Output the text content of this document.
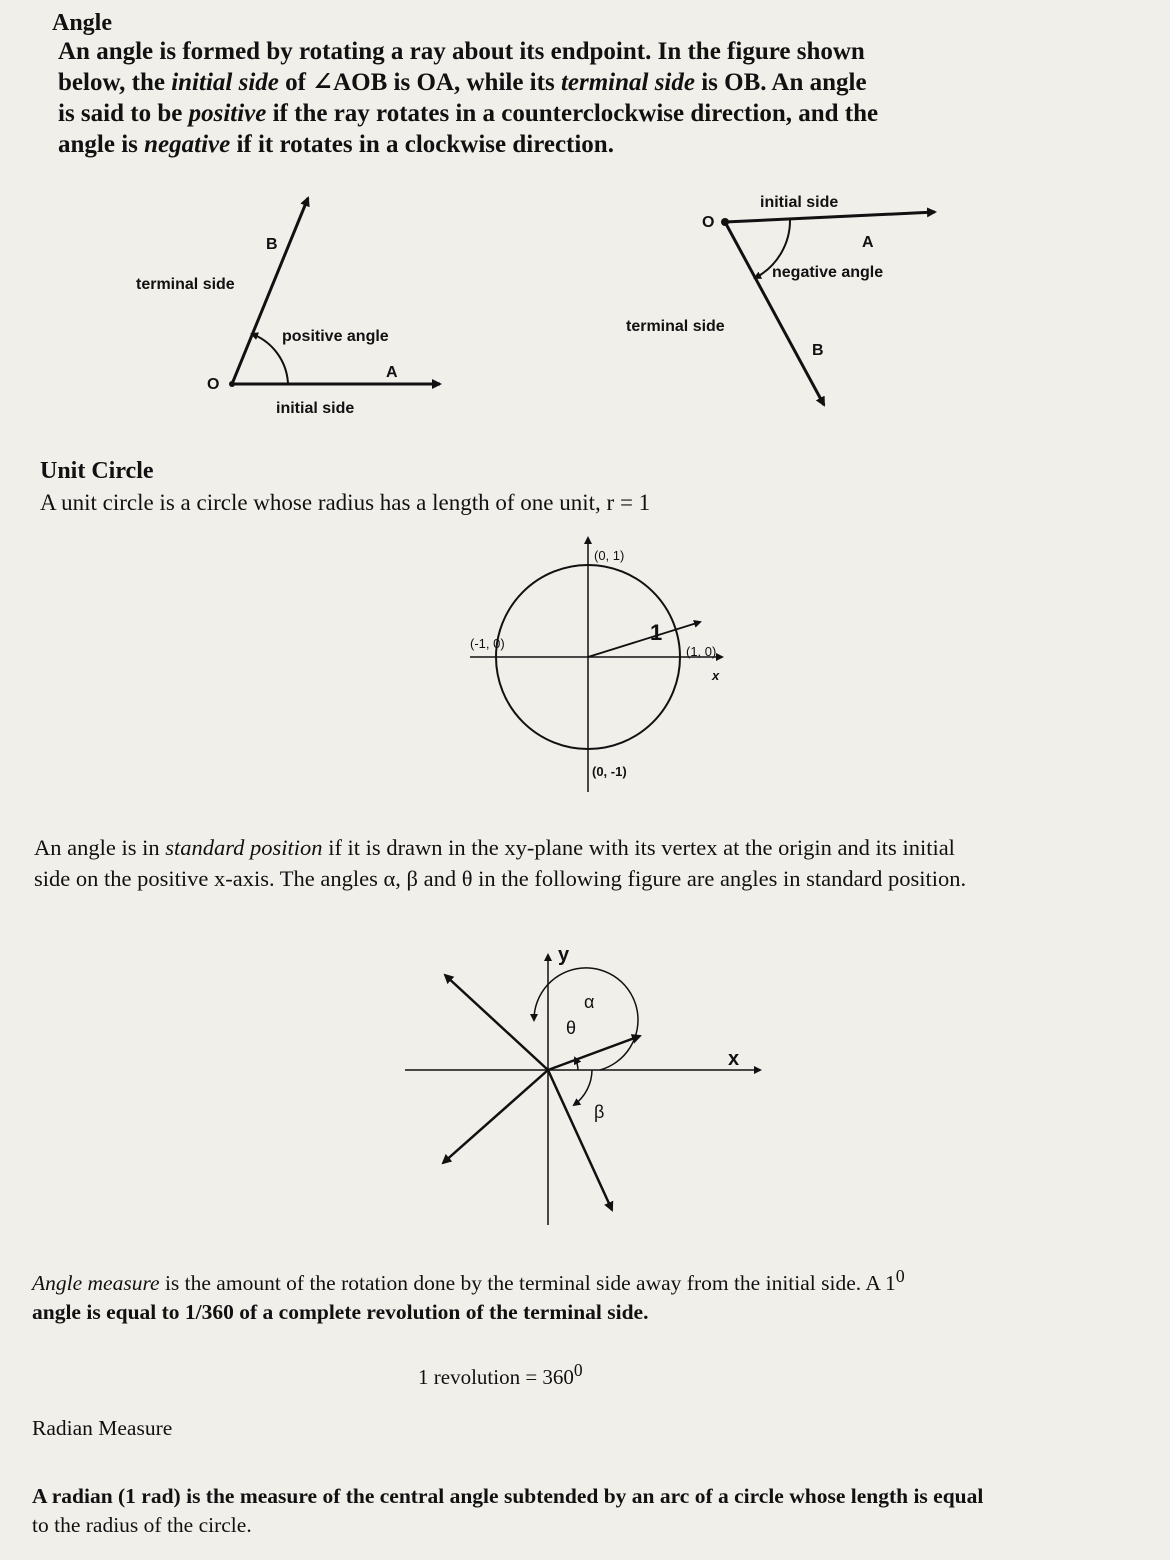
Angle
An angle is formed by rotating a ray about its endpoint. In the figure shown
below, the initial side of ∠AOB is OA, while its terminal side is OB. An angle
is said to be positive if the ray rotates in a counterclockwise direction, and the
angle is negative if it rotates in a clockwise direction.
terminal side
B
positive angle
A
O
initial side
initial side
O
A
negative angle
terminal side
B
Unit Circle
A unit circle is a circle whose radius has a length of one unit, r = 1
(0, 1)
(-1, 0)
(1, 0)
(0, -1)
1
x
An angle is in standard position if it is drawn in the xy-plane with its vertex at the origin and its initial
side on the positive x-axis. The angles α, β and θ in the following figure are angles in standard position.
y
x
α
θ
β
Angle measure is the amount of the rotation done by the terminal side away from the initial side. A $1^0$
angle is equal to 1/360 of a complete revolution of the terminal side.
1 revolution = $360^0$
Radian Measure
A radian (1 rad) is the measure of the central angle subtended by an arc of a circle whose length is equal
to the radius of the circle.
